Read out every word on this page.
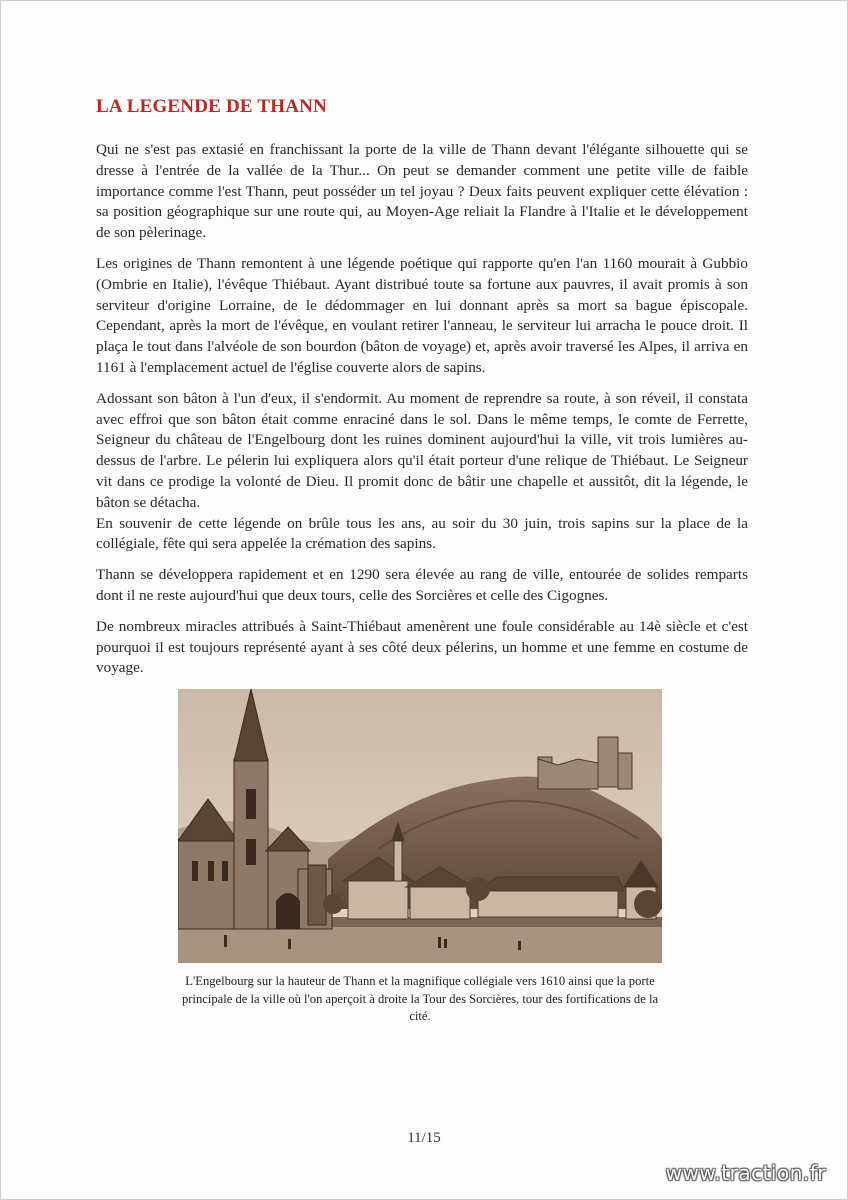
LA LEGENDE DE THANN

Qui ne s'est pas extasié en franchissant la porte de la ville de Thann devant l'élégante silhouette qui se dresse à l'entrée de la vallée de la Thur... On peut se demander comment une petite ville de faible importance comme l'est Thann, peut posséder un tel joyau ? Deux faits peuvent expliquer cette élévation : sa position géographique sur une route qui, au Moyen-Age reliait la Flandre à l'Italie et le développement de son pèlerinage.

Les origines de Thann remontent à une légende poétique qui rapporte qu'en l'an 1160 mourait à Gubbio (Ombrie en Italie), l'évêque Thiébaut. Ayant distribué toute sa fortune aux pauvres, il avait promis à son serviteur d'origine Lorraine, de le dédommager en lui donnant après sa mort sa bague épiscopale. Cependant, après la mort de l'évêque, en voulant retirer l'anneau, le serviteur lui arracha le pouce droit. Il plaça le tout dans l'alvéole de son bourdon (bâton de voyage) et, après avoir traversé les Alpes, il arriva en 1161 à l'emplacement actuel de l'église couverte alors de sapins.

Adossant son bâton à l'un d'eux, il s'endormit. Au moment de reprendre sa route, à son réveil, il constata avec effroi que son bâton était comme enraciné dans le sol. Dans le même temps, le comte de Ferrette, Seigneur du château de l'Engelbourg dont les ruines dominent aujourd'hui la ville, vit trois lumières au-dessus de l'arbre. Le pélerin lui expliquera alors qu'il était porteur d'une relique de Thiébaut. Le Seigneur vit dans ce prodige la volonté de Dieu. Il promit donc de bâtir une chapelle et aussitôt, dit la légende, le bâton se détacha.

En souvenir de cette légende on brûle tous les ans, au soir du 30 juin, trois sapins sur la place de la collégiale, fête qui sera appelée la crémation des sapins.

Thann se développera rapidement et en 1290 sera élevée au rang de ville, entourée de solides remparts dont il ne reste aujourd'hui que deux tours, celle des Sorcières et celle des Cigognes.

De nombreux miracles attribués à Saint-Thiébaut amenèrent une foule considérable au 14è siècle et c'est pourquoi il est toujours représenté ayant à ses côté deux pélerins, un homme et une femme en costume de voyage.

L'Engelbourg sur la hauteur de Thann et la magnifique collégiale vers 1610 ainsi que la porte principale de la ville où l'on aperçoit à droite la Tour des Sorcières, tour des fortifications de la cité.
11/15
www.traction.fr
